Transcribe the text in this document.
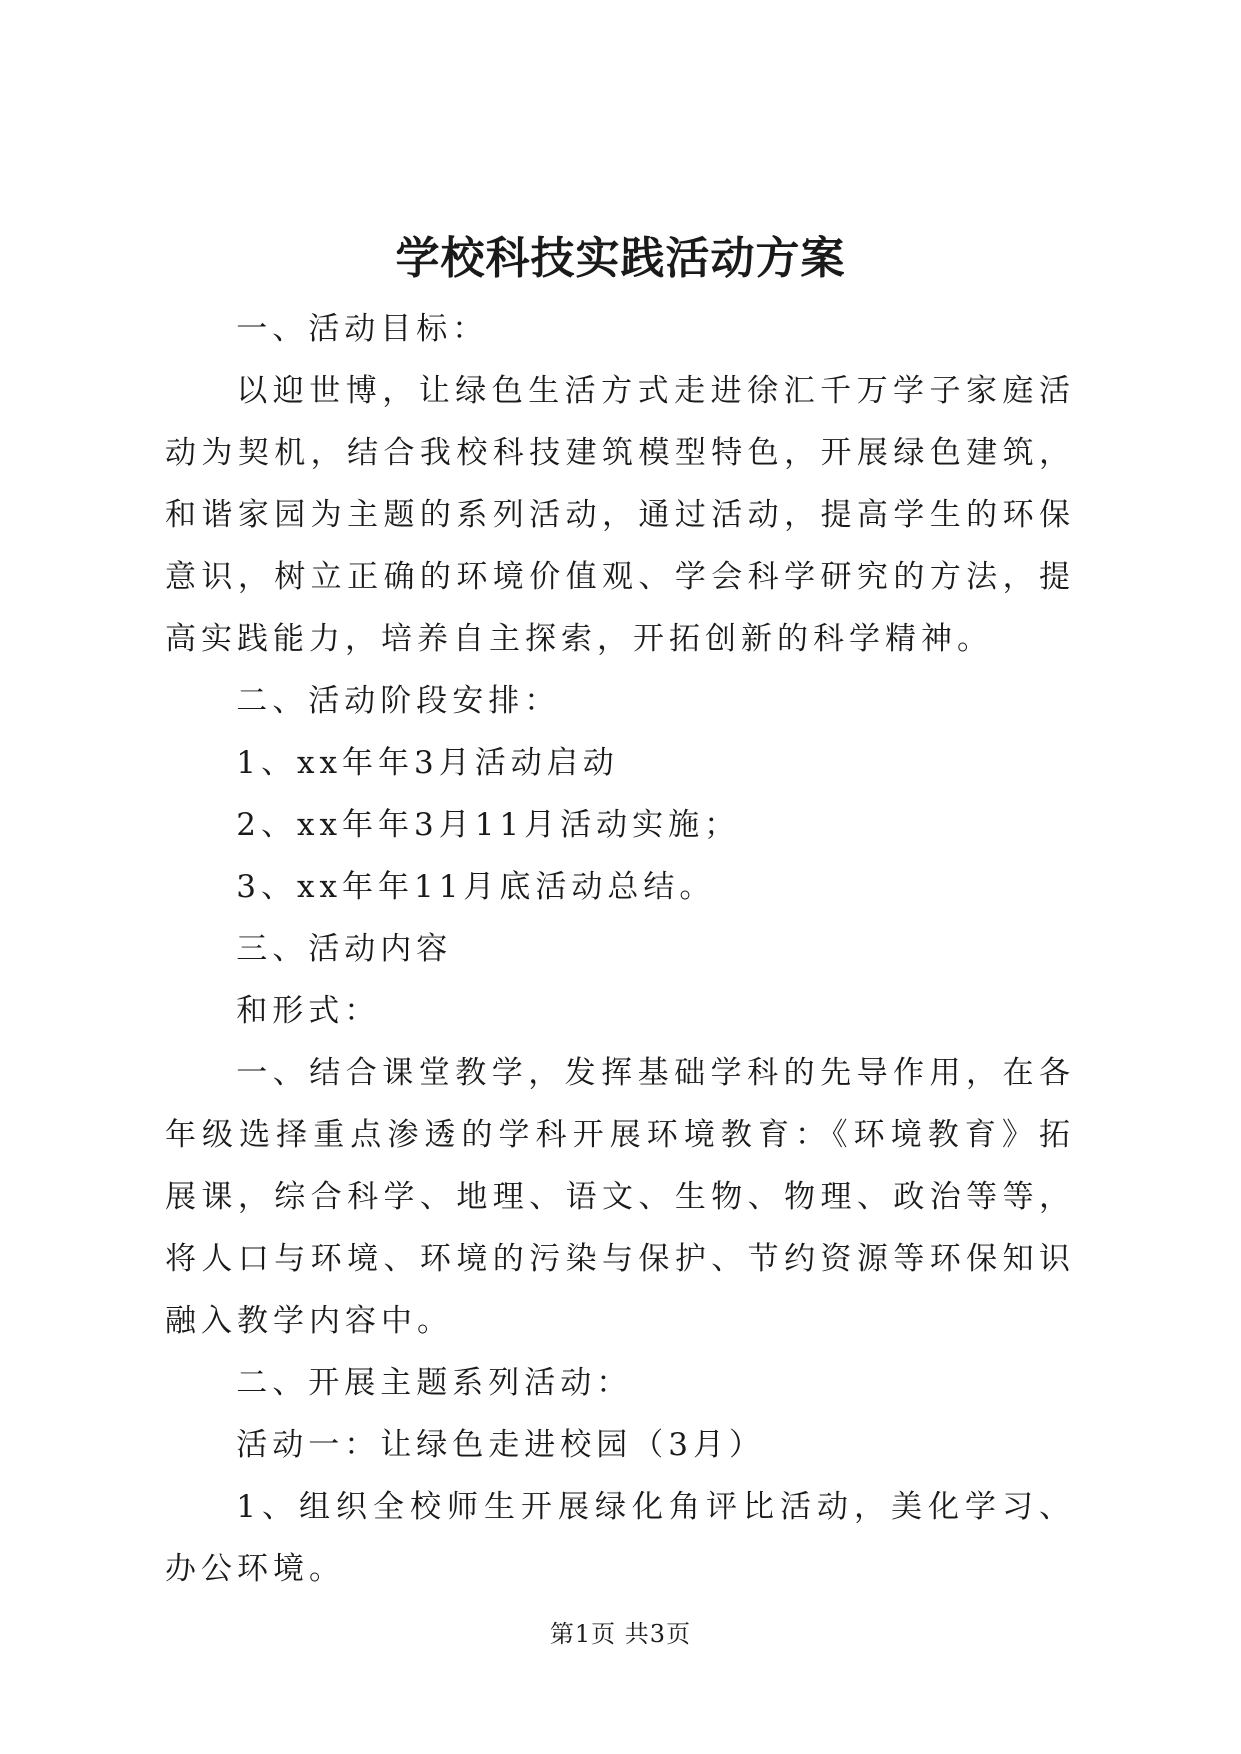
学校科技实践活动方案

一、活动目标：

以迎世博，让绿色生活方式走进徐汇千万学子家庭活动为契机，结合我校科技建筑模型特色，开展绿色建筑，和谐家园为主题的系列活动，通过活动，提高学生的环保意识，树立正确的环境价值观、学会科学研究的方法，提高实践能力，培养自主探索，开拓创新的科学精神。

二、活动阶段安排：

1、xx年年3月活动启动

2、xx年年3月11月活动实施；

3、xx年年11月底活动总结。

三、活动内容

和形式：

一、结合课堂教学，发挥基础学科的先导作用，在各年级选择重点渗透的学科开展环境教育：《环境教育》拓展课，综合科学、地理、语文、生物、物理、政治等等，将人口与环境、环境的污染与保护、节约资源等环保知识融入教学内容中。

二、开展主题系列活动：

活动一：让绿色走进校园（3月）

1、组织全校师生开展绿化角评比活动，美化学习、办公环境。

第1页 共3页
